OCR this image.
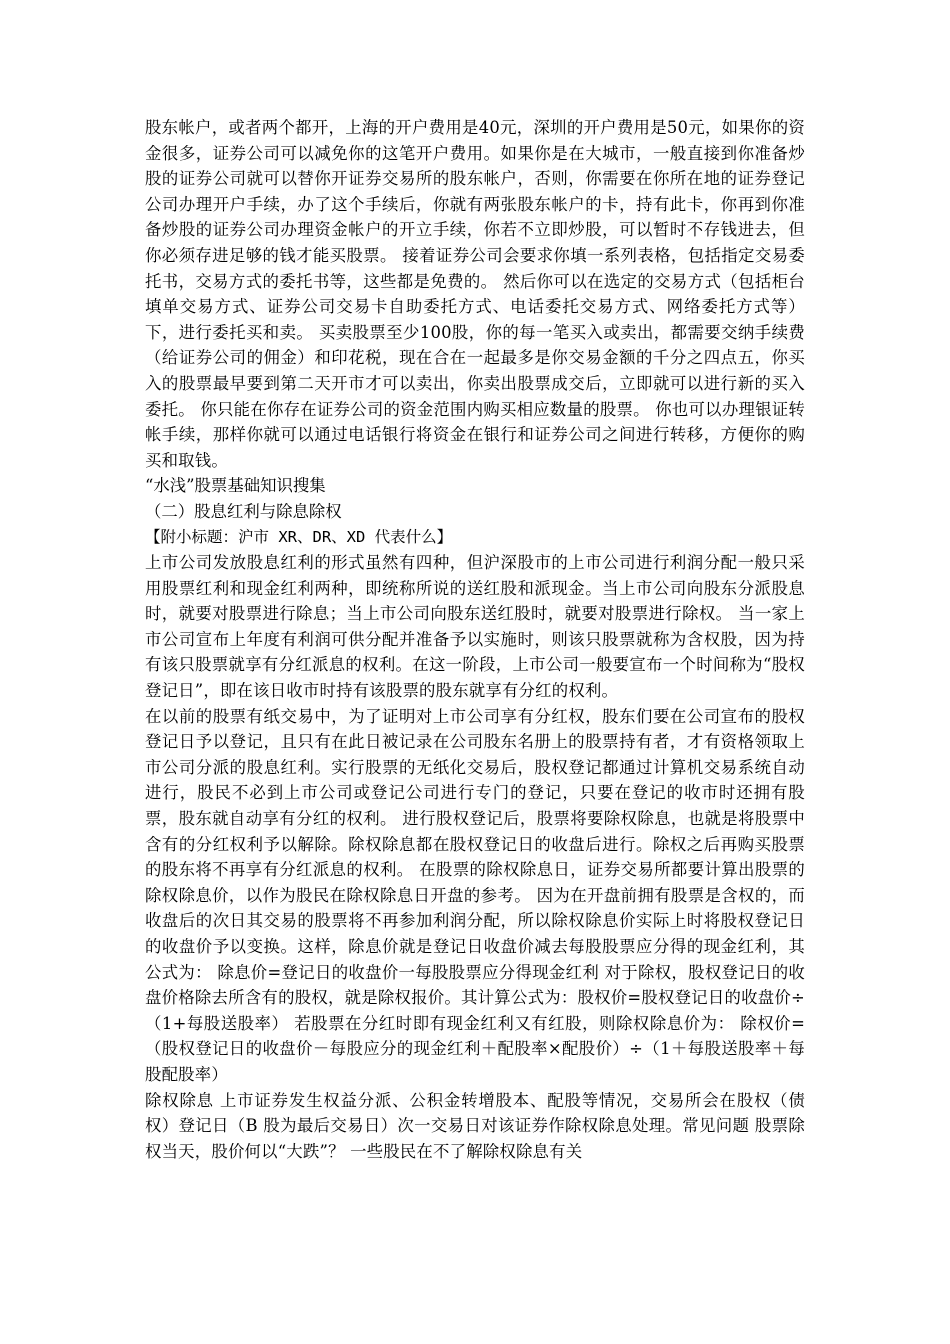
股东帐户，或者两个都开，上海的开户费用是40元，深圳的开户费用是50元，如果你的资金很多，证券公司可以减免你的这笔开户费用。如果你是在大城市，一般直接到你准备炒股的证券公司就可以替你开证券交易所的股东帐户，否则，你需要在你所在地的证券登记公司办理开户手续，办了这个手续后，你就有两张股东帐户的卡，持有此卡，你再到你准备炒股的证券公司办理资金帐户的开立手续，你若不立即炒股，可以暂时不存钱进去，但你必须存进足够的钱才能买股票。 接着证券公司会要求你填一系列表格，包括指定交易委托书，交易方式的委托书等，这些都是免费的。 然后你可以在选定的交易方式（包括柜台填单交易方式、证券公司交易卡自助委托方式、电话委托交易方式、网络委托方式等）下，进行委托买和卖。 买卖股票至少100股，你的每一笔买入或卖出，都需要交纳手续费（给证券公司的佣金）和印花税，现在合在一起最多是你交易金额的千分之四点五，你买入的股票最早要到第二天开市才可以卖出，你卖出股票成交后，立即就可以进行新的买入委托。 你只能在你存在证券公司的资金范围内购买相应数量的股票。 你也可以办理银证转帐手续，那样你就可以通过电话银行将资金在银行和证券公司之间进行转移，方便你的购买和取钱。

“水浅”股票基础知识搜集

（二）股息红利与除息除权

【附小标题：沪市 XR、DR、XD 代表什么】

上市公司发放股息红利的形式虽然有四种，但沪深股市的上市公司进行利润分配一般只采用股票红利和现金红利两种，即统称所说的送红股和派现金。当上市公司向股东分派股息时，就要对股票进行除息；当上市公司向股东送红股时，就要对股票进行除权。 当一家上市公司宣布上年度有利润可供分配并准备予以实施时，则该只股票就称为含权股，因为持有该只股票就享有分红派息的权利。在这一阶段，上市公司一般要宣布一个时间称为“股权登记日”，即在该日收市时持有该股票的股东就享有分红的权利。

在以前的股票有纸交易中，为了证明对上市公司享有分红权，股东们要在公司宣布的股权登记日予以登记，且只有在此日被记录在公司股东名册上的股票持有者，才有资格领取上市公司分派的股息红利。实行股票的无纸化交易后，股权登记都通过计算机交易系统自动进行，股民不必到上市公司或登记公司进行专门的登记，只要在登记的收市时还拥有股票，股东就自动享有分红的权利。 进行股权登记后，股票将要除权除息，也就是将股票中含有的分红权利予以解除。除权除息都在股权登记日的收盘后进行。除权之后再购买股票的股东将不再享有分红派息的权利。 在股票的除权除息日，证券交易所都要计算出股票的除权除息价，以作为股民在除权除息日开盘的参考。 因为在开盘前拥有股票是含权的，而收盘后的次日其交易的股票将不再参加利润分配，所以除权除息价实际上时将股权登记日的收盘价予以变换。这样，除息价就是登记日收盘价减去每股股票应分得的现金红利，其公式为： 除息价=登记日的收盘价一每股股票应分得现金红利 对于除权，股权登记日的收盘价格除去所含有的股权，就是除权报价。其计算公式为：股权价=股权登记日的收盘价÷（1+每股送股率） 若股票在分红时即有现金红利又有红股，则除权除息价为： 除权价=（股权登记日的收盘价－每股应分的现金红利＋配股率×配股价）÷（1＋每股送股率＋每股配股率）

除权除息 上市证券发生权益分派、公积金转增股本、配股等情况，交易所会在股权（债权）登记日（B 股为最后交易日）次一交易日对该证券作除权除息处理。常见问题 股票除权当天，股价何以“大跌”？ 一些股民在不了解除权除息有关
